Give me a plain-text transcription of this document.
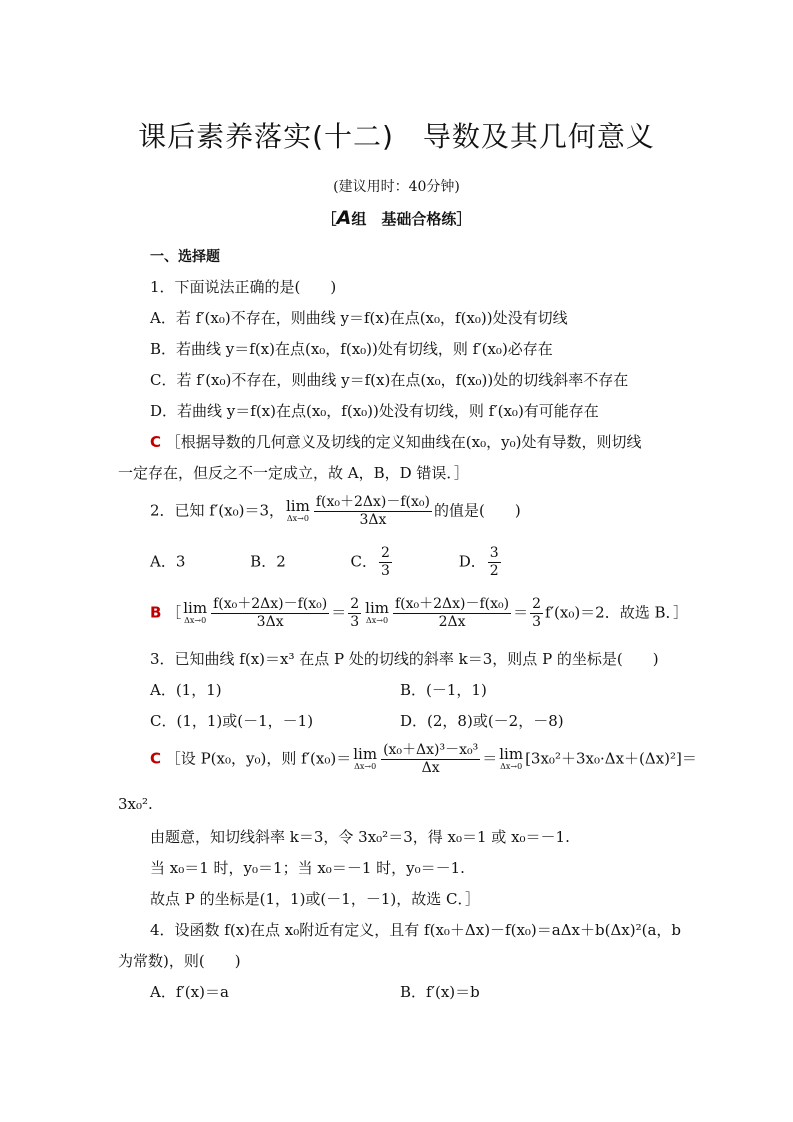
课后素养落实(十二)　导数及其几何意义
(建议用时：40分钟)
［A组　基础合格练］
一、选择题
1．下面说法正确的是(　　)
A．若 f′(x₀)不存在，则曲线 y＝f(x)在点(x₀，f(x₀))处没有切线
B．若曲线 y＝f(x)在点(x₀，f(x₀))处有切线，则 f′(x₀)必存在
C．若 f′(x₀)不存在，则曲线 y＝f(x)在点(x₀，f(x₀))处的切线斜率不存在
D．若曲线 y＝f(x)在点(x₀，f(x₀))处没有切线，则 f′(x₀)有可能存在
C ［根据导数的几何意义及切线的定义知曲线在(x₀，y₀)处有导数，则切线
一定存在，但反之不一定成立，故 A，B，D 错误．］
2．已知 f′(x₀)＝3， lim
$\Delta x\to 0 \frac{\text{f(x₀＋2Δx)－f(x₀)}}{3\Delta x}$ 的值是(　　)
A．3	B．2	C． $\frac{2}{3}$	D． $\frac{3}{2}$
B ［ lim
$\Delta x\to 0 \frac{\text{f(x₀＋2Δx)－f(x₀)}}{3\Delta x} = \frac{2}{3}$ lim
$\Delta x\to 0 \frac{\text{f(x₀＋2Δx)－f(x₀)}}{2\Delta x} = \frac{2}{3} f'(x_0)=2$．故选 B．］
3．已知曲线 f(x)＝x³ 在点 P 处的切线的斜率 k＝3，则点 P 的坐标是(　　)
A．(1，1)	B．(－1，1)
C．(1，1)或(－1，－1)	D．(2，8)或(－2，－8)
C ［设 P(x₀，y₀)，则 f′(x₀)＝ lim
$\Delta x\to 0 \frac{\text{(x₀＋Δx)³－x₀³}}{\Delta x} = \lim$
Δx→0 [3x₀²＋3x₀·Δx＋(Δx)²]＝
3x₀².
由题意，知切线斜率 k＝3，令 3x₀²＝3，得 x₀＝1 或 x₀＝－1.
当 x₀＝1 时，y₀＝1；当 x₀＝－1 时，y₀＝－1.
故点 P 的坐标是(1，1)或(－1，－1)，故选 C．］
4．设函数 f(x)在点 x₀附近有定义，且有 f(x₀＋Δx)－f(x₀)＝aΔx＋b(Δx)²(a，b
为常数)，则(　　)
A．f′(x)＝a	B．f′(x)＝b
